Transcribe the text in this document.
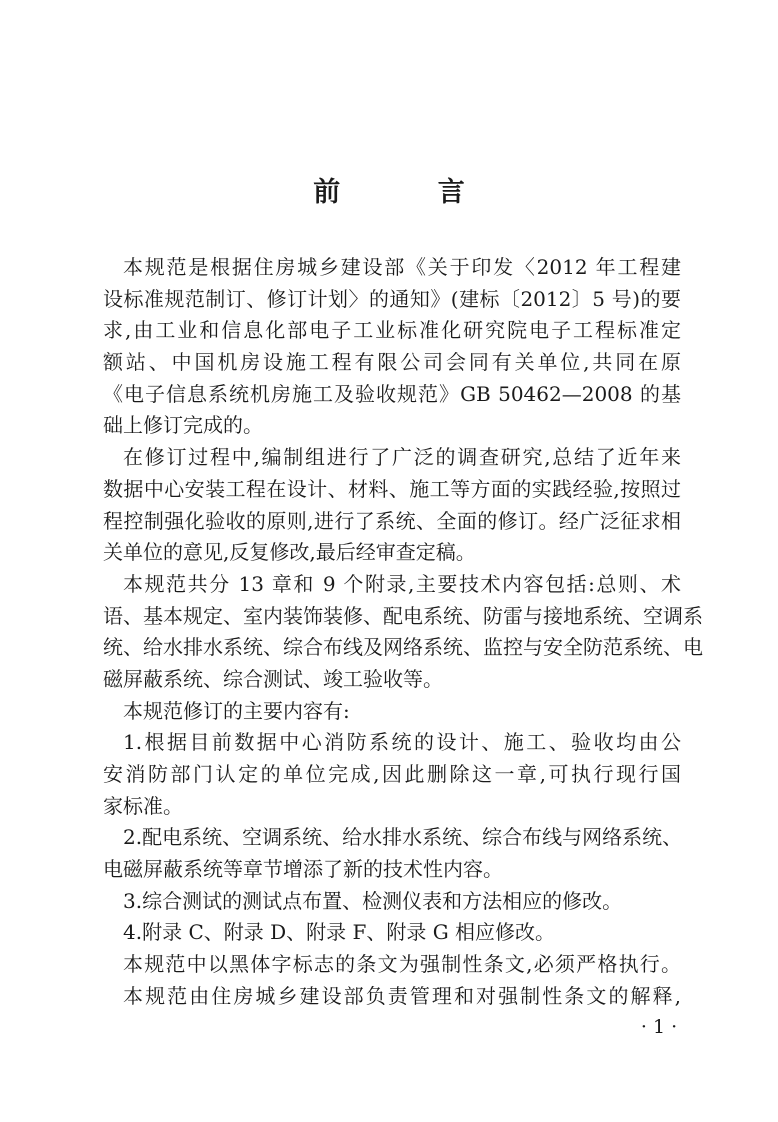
前 言
本规范是根据住房城乡建设部《关于印发〈2012 年工程建
设标准规范制订、修订计划〉的通知》(建标〔2012〕5 号)的要
求,由工业和信息化部电子工业标准化研究院电子工程标准定
额站、中国机房设施工程有限公司会同有关单位,共同在原
《电子信息系统机房施工及验收规范》GB 50462—2008 的基
础上修订完成的。
在修订过程中,编制组进行了广泛的调查研究,总结了近年来
数据中心安装工程在设计、材料、施工等方面的实践经验,按照过
程控制强化验收的原则,进行了系统、全面的修订。经广泛征求相
关单位的意见,反复修改,最后经审查定稿。
本规范共分 13 章和 9 个附录,主要技术内容包括:总则、术
语、基本规定、室内装饰装修、配电系统、防雷与接地系统、空调系
统、给水排水系统、综合布线及网络系统、监控与安全防范系统、电
磁屏蔽系统、综合测试、竣工验收等。
本规范修订的主要内容有:
1.根据目前数据中心消防系统的设计、施工、验收均由公
安消防部门认定的单位完成,因此删除这一章,可执行现行国
家标准。
2.配电系统、空调系统、给水排水系统、综合布线与网络系统、
电磁屏蔽系统等章节增添了新的技术性内容。
3.综合测试的测试点布置、检测仪表和方法相应的修改。
4.附录 C、附录 D、附录 F、附录 G 相应修改。
本规范中以黑体字标志的条文为强制性条文,必须严格执行。
本规范由住房城乡建设部负责管理和对强制性条文的解释,
· 1 ·
